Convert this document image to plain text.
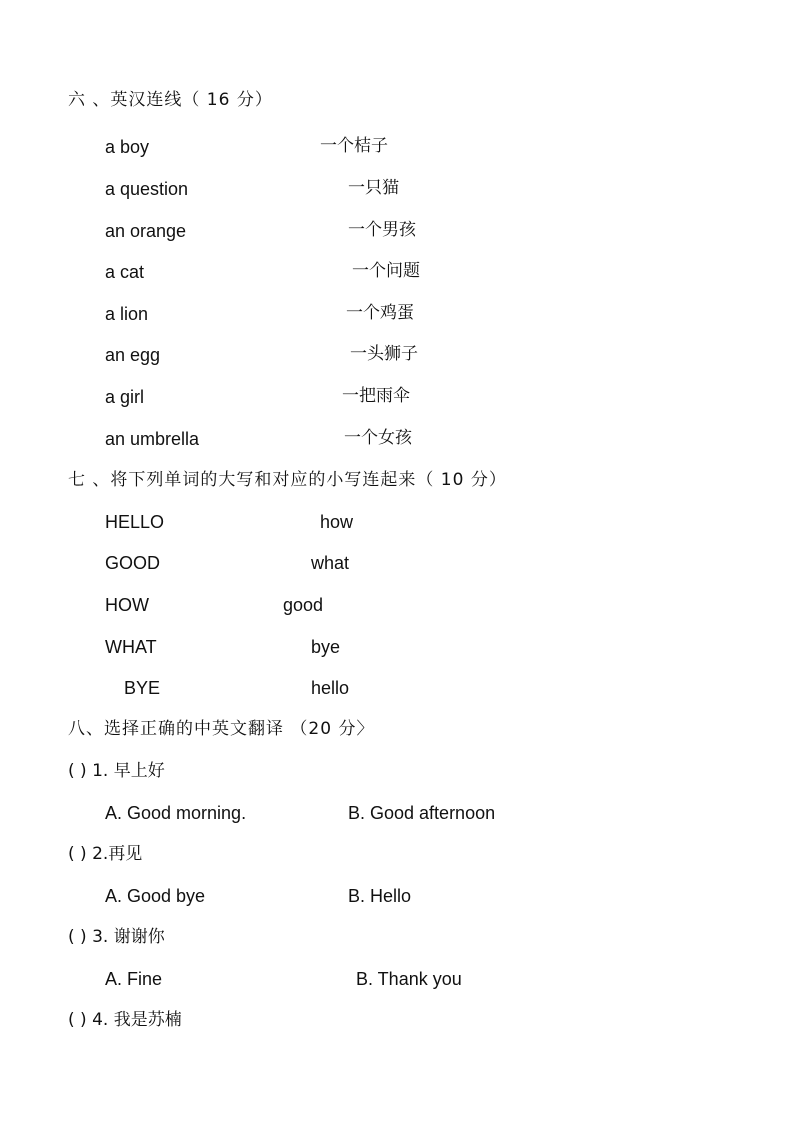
六 、英汉连线（ 16 分）
a boy	一个桔子
a question	一只猫
an orange	一个男孩
a cat	一个问题
a lion	一个鸡蛋
an egg	一头狮子
a girl	一把雨伞
an umbrella	一个女孩
七 、将下列单词的大写和对应的小写连起来（ 10 分）
HELLO	how
GOOD	what
HOW	good
WHAT	bye
BYE	hello
八、选择正确的中英文翻译 （20 分〉
( ) 1. 早上好
A. Good morning.	B. Good afternoon
( ) 2.再见
A. Good bye	B. Hello
( ) 3. 谢谢你
A. Fine	B. Thank you
( ) 4. 我是苏楠
